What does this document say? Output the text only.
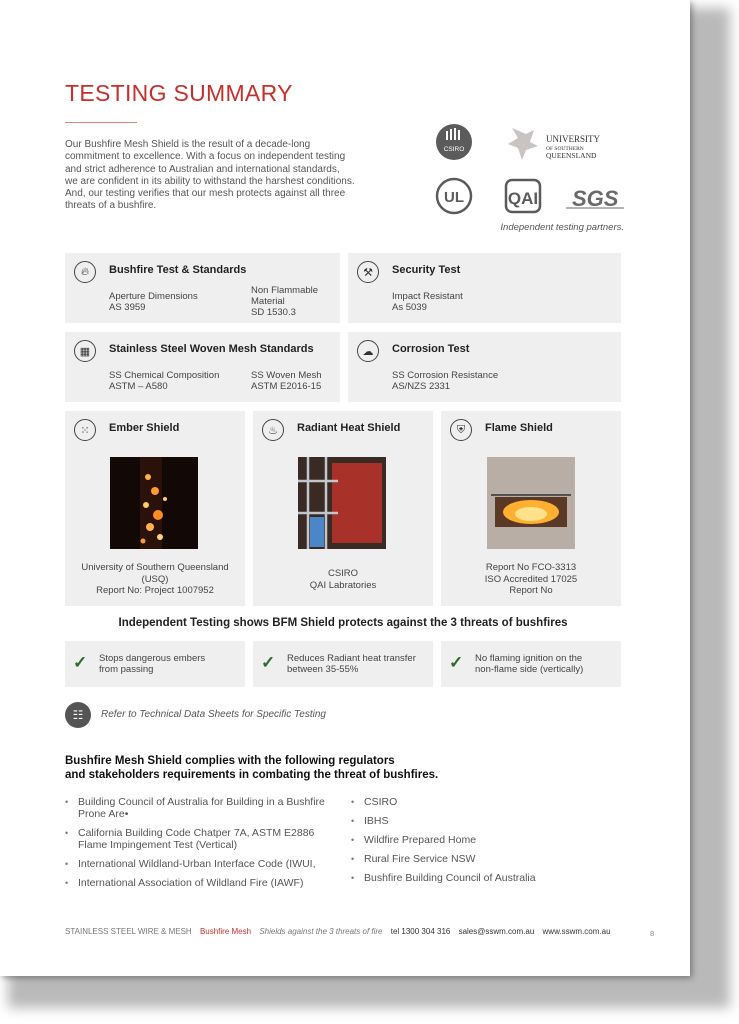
TESTING SUMMARY
Our Bushfire Mesh Shield is the result of a decade-long commitment to excellence. With a focus on independent testing and strict adherence to Australian and international standards, we are confident in its ability to withstand the harshest conditions. And, our testing verifies that our mesh protects against all three threats of a bushfire.
CSIRO
UNIVERSITY
OF SOUTHERN
QUEENSLAND
UL	QAI SGS
Independent testing partners.
🔥︎	Bushfire Test & Standards
Aperture Dimensions
AS 3959
Non Flammable
Material
SD 1530.3
⚒	Security Test
Impact Resistant
As 5039
▦	Stainless Steel Woven Mesh Standards
SS Chemical Composition
ASTM – A580
SS Woven Mesh
ASTM E2016-15
☁	Corrosion Test
SS Corrosion Resistance
AS/NZS 2331
⁙	Ember Shield
University of Southern Queensland
(USQ)
Report No: Project 1007952
♨	Radiant Heat Shield
CSIRO
QAI Labratories
⛨	Flame Shield
Report No FCO-3313
ISO Accredited 17025
Report No
Independent Testing shows BFM Shield protects against the 3 threats of bushfires
✓ Stops dangerous embers
from passing	✓ Reduces Radiant heat transfer
between 35-55%	✓ No flaming ignition on the
non-flame side (vertically)
☷	Refer to Technical Data Sheets for Specific Testing
Bushfire Mesh Shield complies with the following regulators
and stakeholders requirements in combating the threat of bushfires.
• Building Council of Australia for Building in a Bushfire
Prone Are•
• California Building Code Chatper 7A, ASTM E2886
Flame Impingement Test (Vertical)
• International Wildland-Urban Interface Code (IWUI,
• International Association of Wildland Fire (IAWF)
• CSIRO
• IBHS
• Wildfire Prepared Home
• Rural Fire Service NSW
• Bushfire Building Council of Australia
STAINLESS STEEL WIRE & MESH Bushfire Mesh Shields against the 3 threats of fire tel 1300 304 316 sales@sswm.com.au www.sswm.com.au	8
